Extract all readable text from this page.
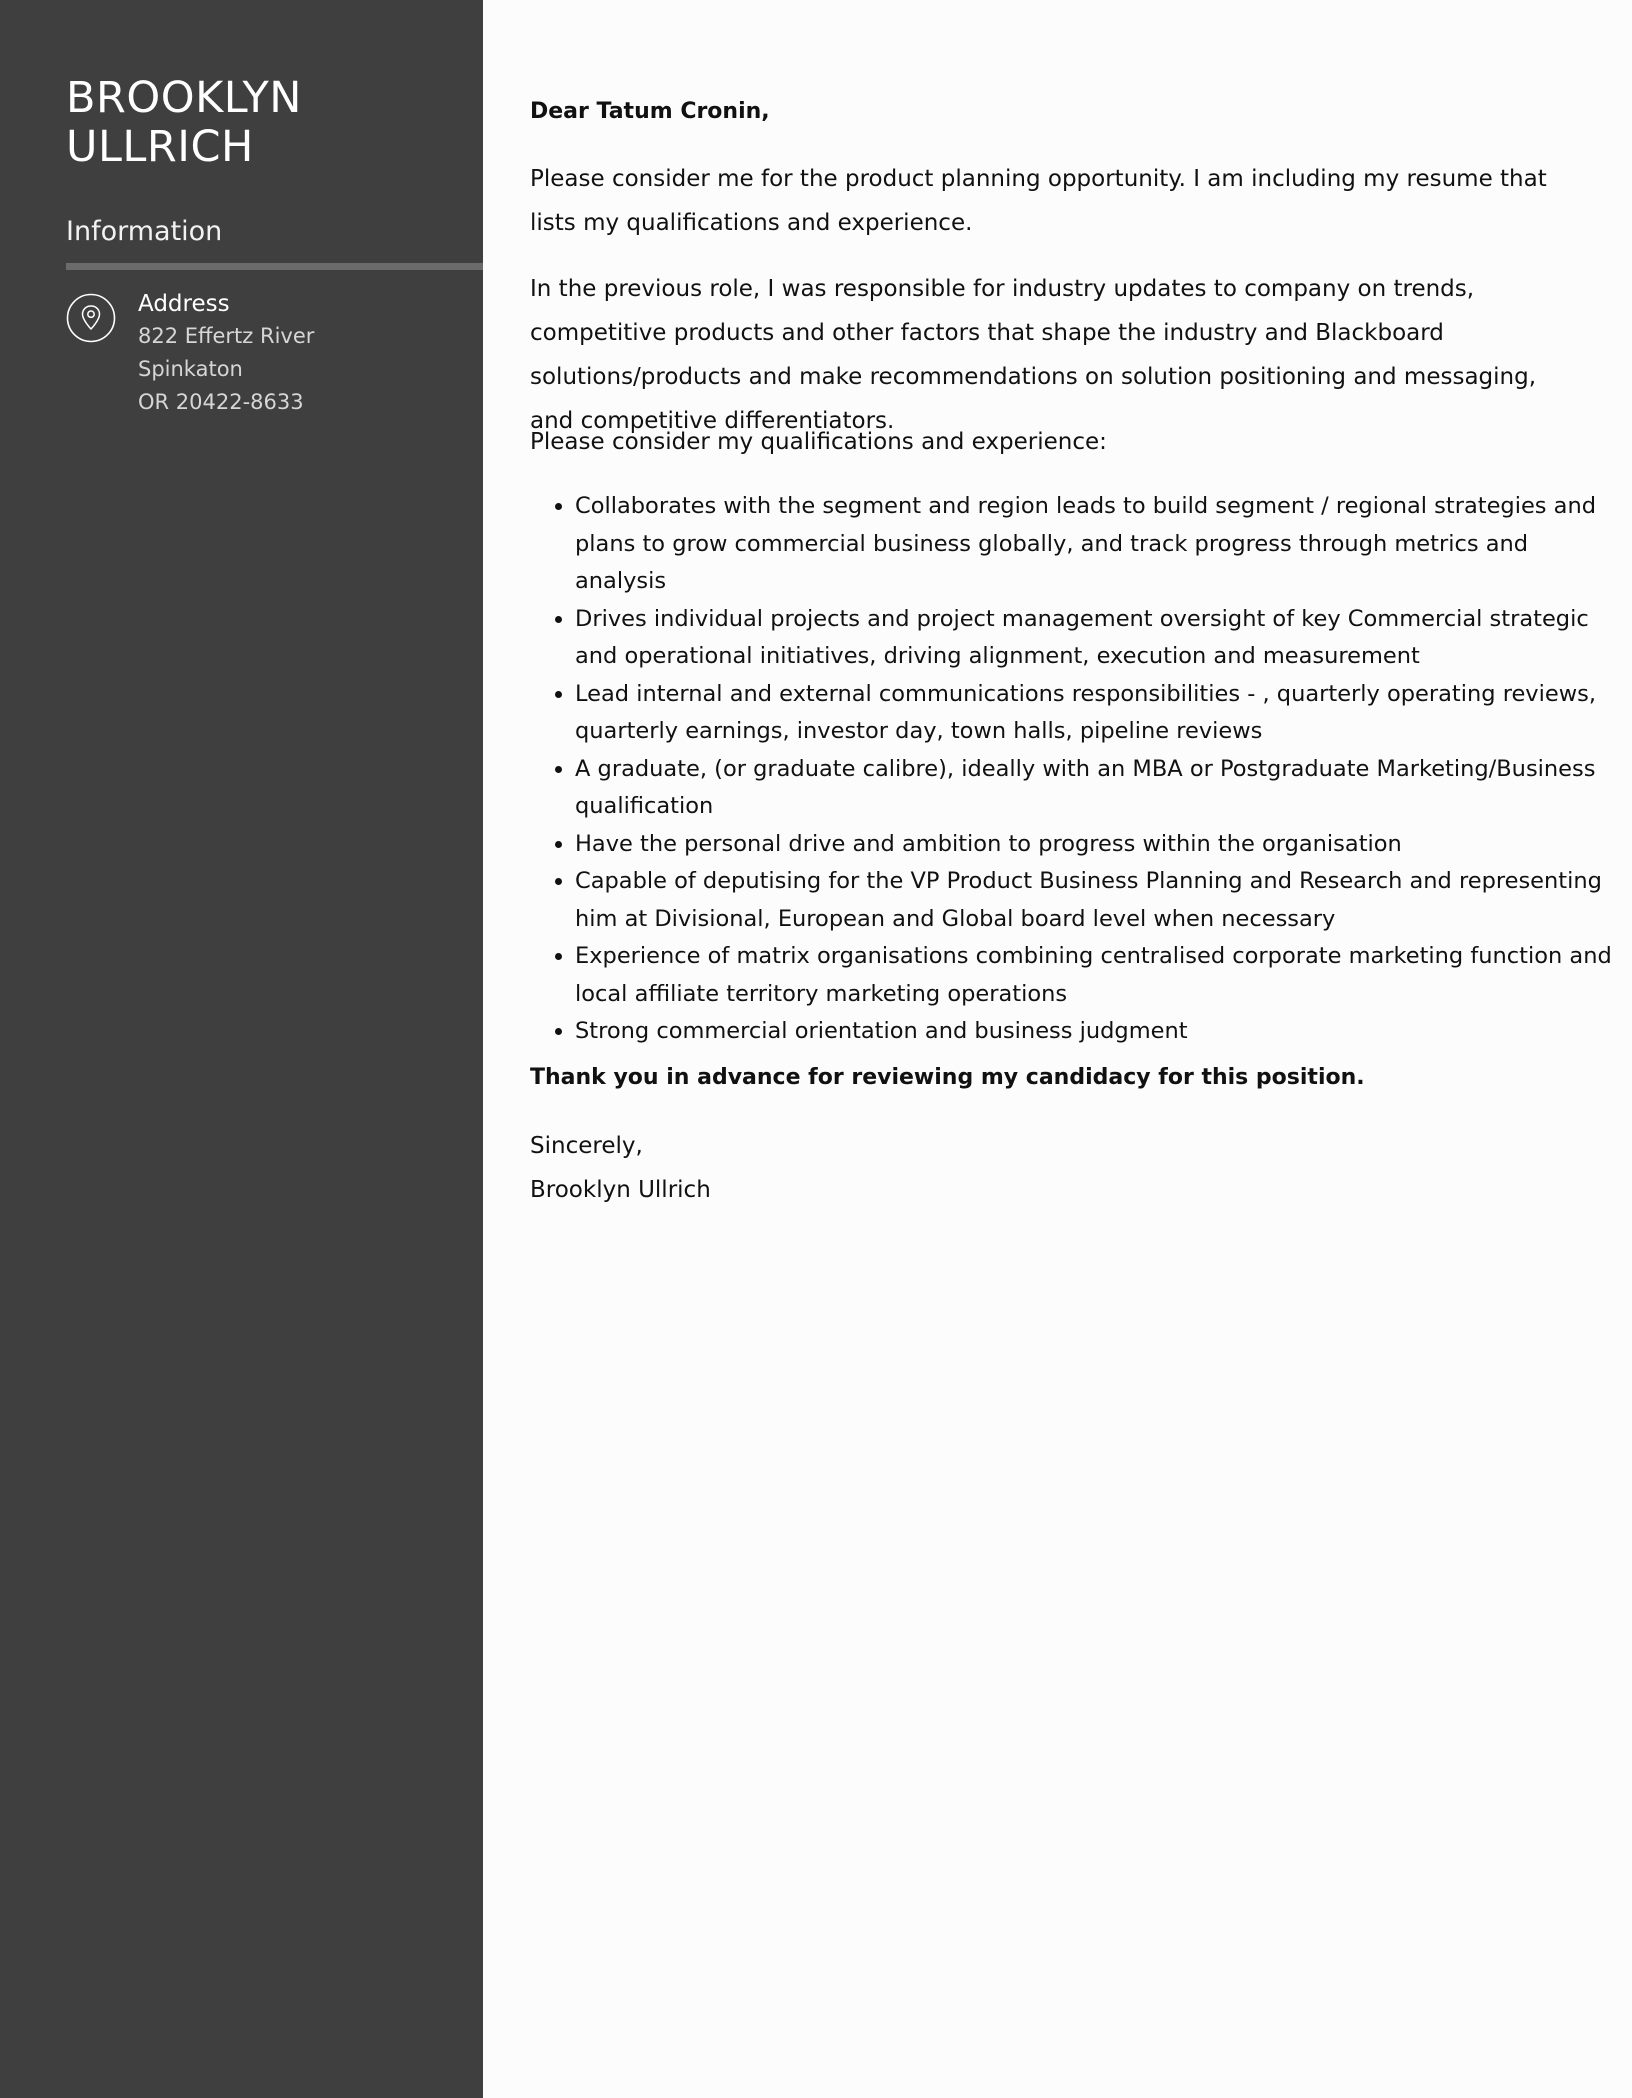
BROOKLYN
ULLRICH
Information
Address
822 Effertz River
Spinkaton
OR 20422-8633

Dear Tatum Cronin,

Please consider me for the product planning opportunity. I am including my resume that lists my qualifications and experience.

In the previous role, I was responsible for industry updates to company on trends, competitive products and other factors that shape the industry and Blackboard solutions/products and make recommendations on solution positioning and messaging, and competitive differentiators.

Please consider my qualifications and experience:

• Collaborates with the segment and region leads to build segment / regional strategies and plans to grow commercial business globally, and track progress through metrics and analysis
• Drives individual projects and project management oversight of key Commercial strategic and operational initiatives, driving alignment, execution and measurement
• Lead internal and external communications responsibilities - , quarterly operating reviews, quarterly earnings, investor day, town halls, pipeline reviews
• A graduate, (or graduate calibre), ideally with an MBA or Postgraduate Marketing/Business qualification
• Have the personal drive and ambition to progress within the organisation
• Capable of deputising for the VP Product Business Planning and Research and representing him at Divisional, European and Global board level when necessary
• Experience of matrix organisations combining centralised corporate marketing function and local affiliate territory marketing operations
• Strong commercial orientation and business judgment

Thank you in advance for reviewing my candidacy for this position.

Sincerely,
Brooklyn Ullrich
